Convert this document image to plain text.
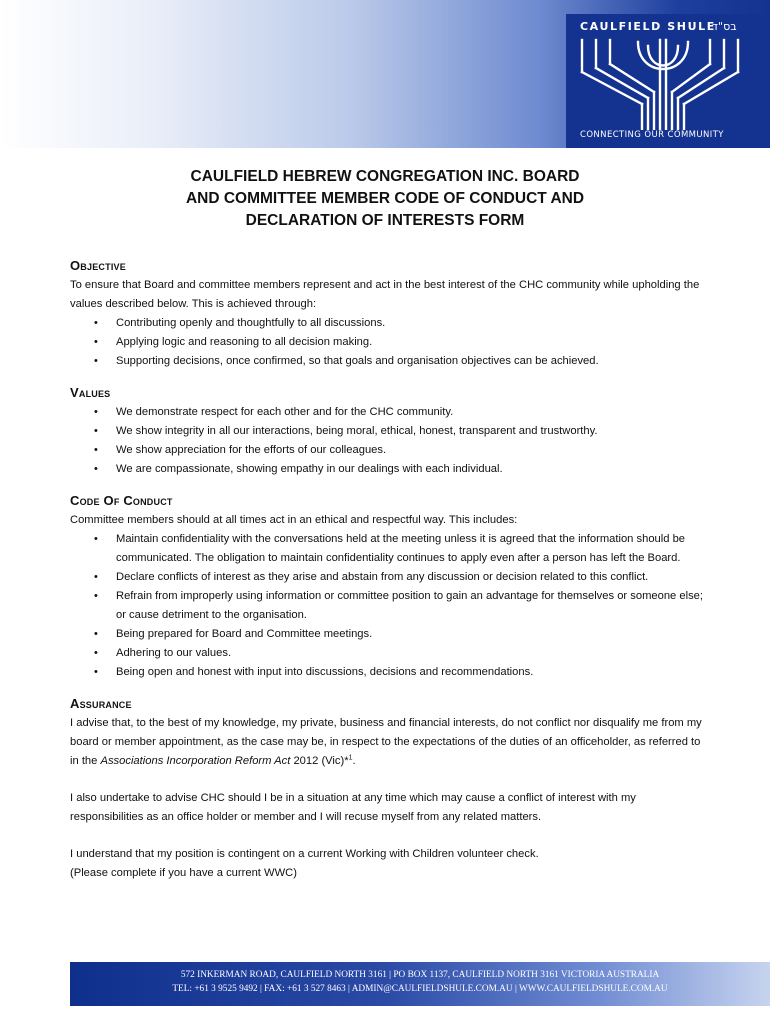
CAULFIELD SHULE
בס"ד
CONNECTING OUR COMMUNITY
CAULFIELD HEBREW CONGREGATION INC. BOARD
AND COMMITTEE MEMBER CODE OF CONDUCT AND
DECLARATION OF INTERESTS FORM
Objective

To ensure that Board and committee members represent and act in the best interest of the CHC community while upholding the values described below. This is achieved through:

• Contributing openly and thoughtfully to all discussions.
• Applying logic and reasoning to all decision making.
• Supporting decisions, once confirmed, so that goals and organisation objectives can be achieved.
Values
• We demonstrate respect for each other and for the CHC community.
• We show integrity in all our interactions, being moral, ethical, honest, transparent and trustworthy.
• We show appreciation for the efforts of our colleagues.
• We are compassionate, showing empathy in our dealings with each individual.
Code Of Conduct

Committee members should at all times act in an ethical and respectful way. This includes:

• Maintain confidentiality with the conversations held at the meeting unless it is agreed that the information should be communicated. The obligation to maintain confidentiality continues to apply even after a person has left the Board.
• Declare conflicts of interest as they arise and abstain from any discussion or decision related to this conflict.
• Refrain from improperly using information or committee position to gain an advantage for themselves or someone else; or cause detriment to the organisation.
• Being prepared for Board and Committee meetings.
• Adhering to our values.
• Being open and honest with input into discussions, decisions and recommendations.
Assurance

I advise that, to the best of my knowledge, my private, business and financial interests, do not conflict nor disqualify me from my board or member appointment, as the case may be, in respect to the expectations of the duties of an officeholder, as referred to in the Associations Incorporation Reform Act 2012 (Vic)*$^1$.

I also undertake to advise CHC should I be in a situation at any time which may cause a conflict of interest with my responsibilities as an office holder or member and I will recuse myself from any related matters.

I understand that my position is contingent on a current Working with Children volunteer check.

(Please complete if you have a current WWC)

572 INKERMAN ROAD, CAULFIELD NORTH 3161 | PO BOX 1137, CAULFIELD NORTH 3161 VICTORIA AUSTRALIA
TEL: +61 3 9525 9492 | FAX: +61 3 527 8463 | ADMIN@CAULFIELDSHULE.COM.AU | WWW.CAULFIELDSHULE.COM.AU
